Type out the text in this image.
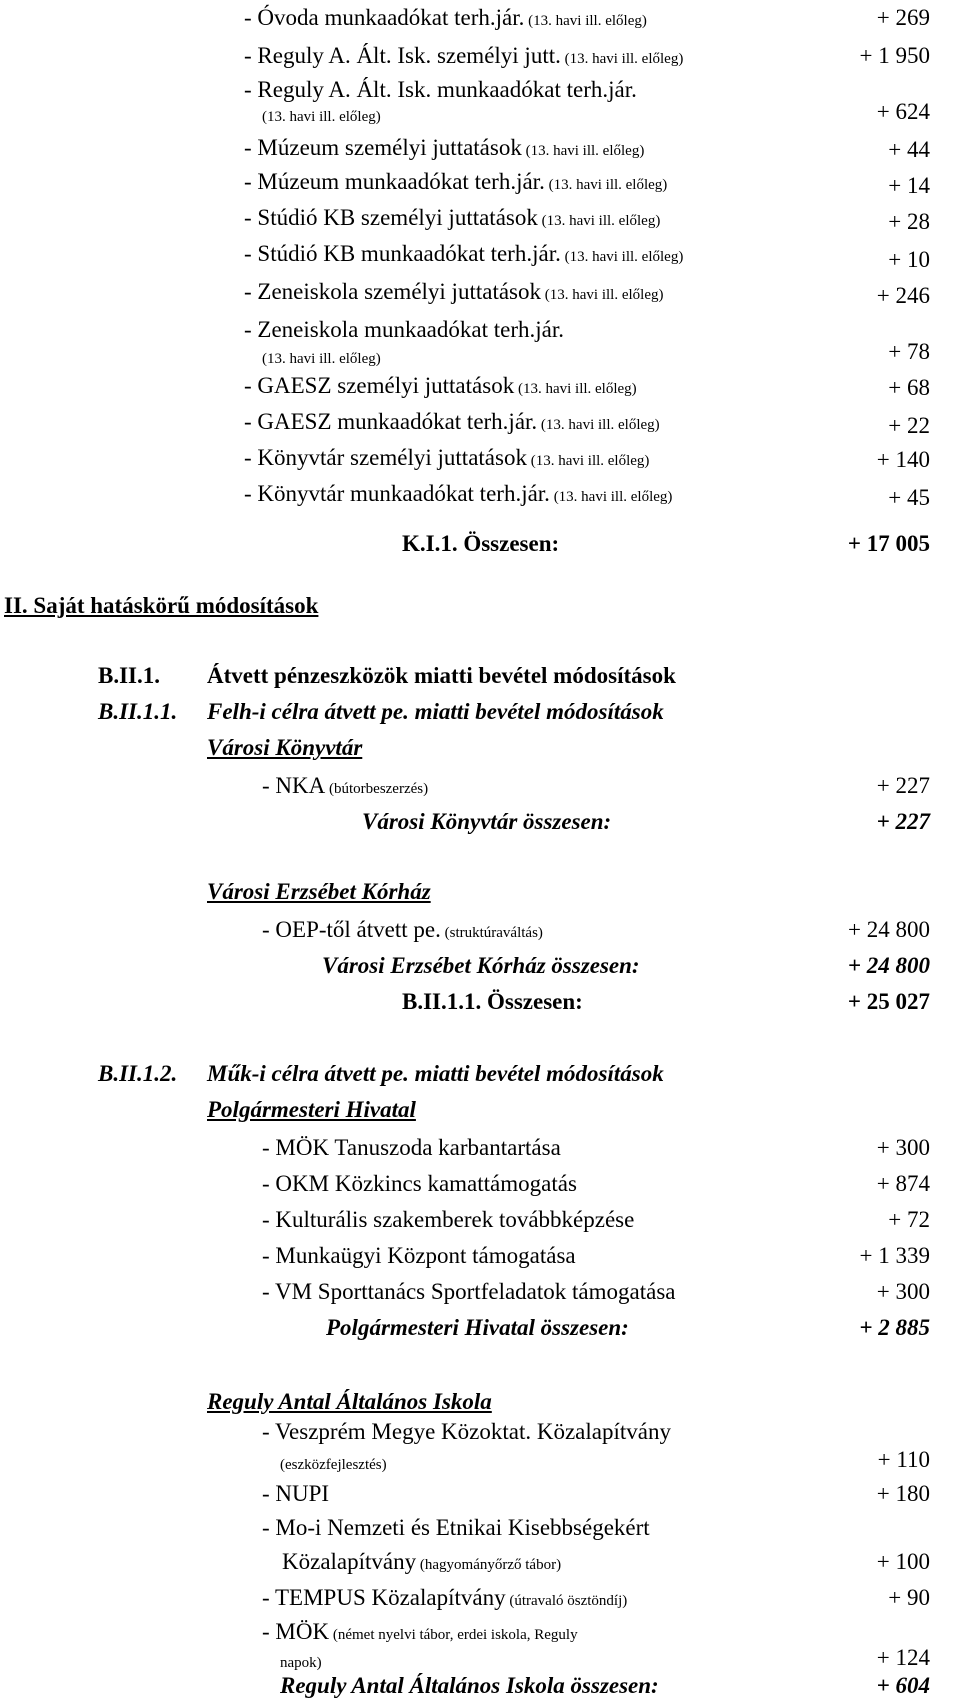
- Óvoda munkaadókat terh.jár. (13. havi ill. előleg)	+ 269
- Reguly A. Ált. Isk. személyi jutt. (13. havi ill. előleg)	+ 1 950
- Reguly A. Ált. Isk. munkaadókat terh.jár.
(13. havi ill. előleg)	+ 624
- Múzeum személyi juttatások (13. havi ill. előleg)	+ 44
- Múzeum munkaadókat terh.jár. (13. havi ill. előleg)	+ 14
- Stúdió KB személyi juttatások (13. havi ill. előleg)	+ 28
- Stúdió KB munkaadókat terh.jár. (13. havi ill. előleg)	+ 10
- Zeneiskola személyi juttatások (13. havi ill. előleg)	+ 246
- Zeneiskola munkaadókat terh.jár.
(13. havi ill. előleg)	+ 78
- GAESZ személyi juttatások (13. havi ill. előleg)	+ 68
- GAESZ munkaadókat terh.jár. (13. havi ill. előleg)	+ 22
- Könyvtár személyi juttatások (13. havi ill. előleg)	+ 140
- Könyvtár munkaadókat terh.jár. (13. havi ill. előleg)	+ 45
K.I.1. Összesen:	+ 17 005
II. Saját hatáskörű módosítások
B.II.1. Átvett pénzeszközök miatti bevétel módosítások
B.II.1.1. Felh-i célra átvett pe. miatti bevétel módosítások
Városi Könyvtár
- NKA (bútorbeszerzés)	+ 227
Városi Könyvtár összesen:	+ 227
Városi Erzsébet Kórház
- OEP-től átvett pe. (struktúraváltás)	+ 24 800
Városi Erzsébet Kórház összesen:	+ 24 800
B.II.1.1. Összesen:	+ 25 027
B.II.1.2. Műk-i célra átvett pe. miatti bevétel módosítások
Polgármesteri Hivatal
- MÖK Tanuszoda karbantartása	+ 300
- OKM Közkincs kamattámogatás	+ 874
- Kulturális szakemberek továbbképzése	+ 72
- Munkaügyi Központ támogatása	+ 1 339
- VM Sporttanács Sportfeladatok támogatása	+ 300
Polgármesteri Hivatal összesen:	+ 2 885
Reguly Antal Általános Iskola
- Veszprém Megye Közoktat. Közalapítvány
(eszközfejlesztés)	+ 110
- NUPI	+ 180
- Mo-i Nemzeti és Etnikai Kisebbségekért
Közalapítvány (hagyományőrző tábor)	+ 100
- TEMPUS Közalapítvány (útravaló ösztöndíj)	+ 90
- MÖK (német nyelvi tábor, erdei iskola, Reguly
napok)	+ 124
Reguly Antal Általános Iskola összesen:	+ 604
